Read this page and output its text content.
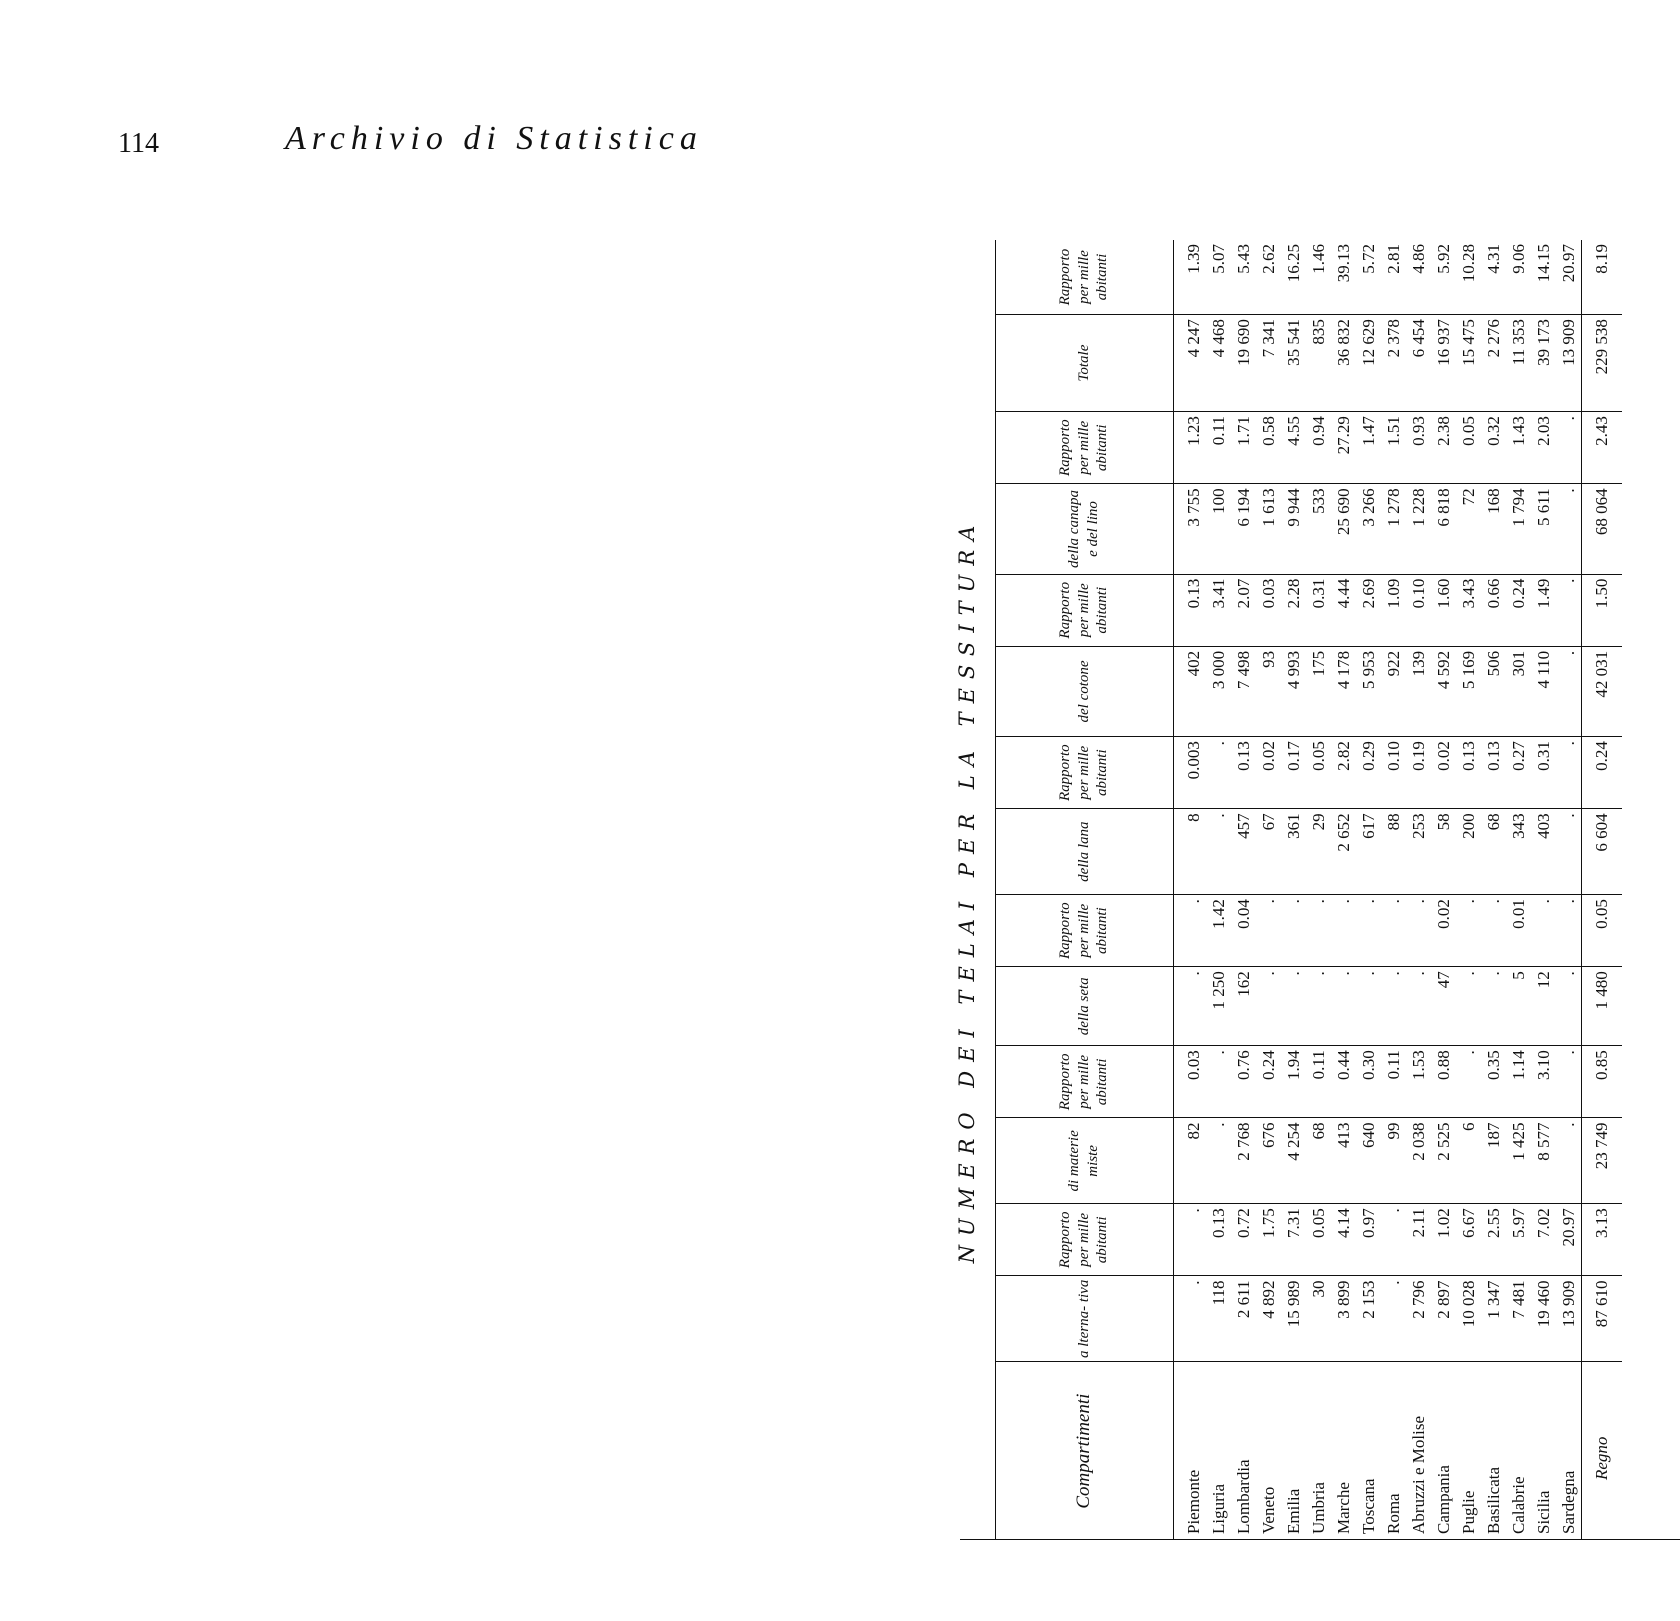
114	Archivio di Statistica
NUMERO DEI TELAI PER LA TESSITURA
Compartimenti	a lterna- tiva	Rapporto per mille abitanti	di materie miste	Rapporto per mille abitanti	della seta	Rapporto per mille abitanti	della lana	Rapporto per mille abitanti	del cotone	Rapporto per mille abitanti	della canapa e del lino	Rapporto per mille abitanti	Totale	Rapporto per mille abitanti
Piemonte	.	.	82	0.03	.	.	8	0.003	402	0.13	3 755	1.23	4 247	1.39
Liguria	118	0.13	.	.	1 250	1.42	.	.	3 000	3.41	100	0.11	4 468	5.07
Lombardia	2 611	0.72	2 768	0.76	162	0.04	457	0.13	7 498	2.07	6 194	1.71	19 690	5.43
Veneto	4 892	1.75	676	0.24	.	.	67	0.02	93	0.03	1 613	0.58	7 341	2.62
Emilia	15 989	7.31	4 254	1.94	.	.	361	0.17	4 993	2.28	9 944	4.55	35 541	16.25
Umbria	30	0.05	68	0.11	.	.	29	0.05	175	0.31	533	0.94	835	1.46
Marche	3 899	4.14	413	0.44	.	.	2 652	2.82	4 178	4.44	25 690	27.29	36 832	39.13
Toscana	2 153	0.97	640	0.30	.	.	617	0.29	5 953	2.69	3 266	1.47	12 629	5.72
Roma	.	.	99	0.11	.	.	88	0.10	922	1.09	1 278	1.51	2 378	2.81
Abruzzi e Molise	2 796	2.11	2 038	1.53	.	.	253	0.19	139	0.10	1 228	0.93	6 454	4.86
Campania	2 897	1.02	2 525	0.88	47	0.02	58	0.02	4 592	1.60	6 818	2.38	16 937	5.92
Puglie	10 028	6.67	6	.	.	.	200	0.13	5 169	3.43	72	0.05	15 475	10.28
Basilicata	1 347	2.55	187	0.35	.	.	68	0.13	506	0.66	168	0.32	2 276	4.31
Calabrie	7 481	5.97	1 425	1.14	5	0.01	343	0.27	301	0.24	1 794	1.43	11 353	9.06
Sicilia	19 460	7.02	8 577	3.10	12	.	403	0.31	4 110	1.49	5 611	2.03	39 173	14.15
Sardegna	13 909	20.97	.	.	.	.	.	.	.	.	.	.	13 909	20.97
Regno	87 610	3.13	23 749	0.85	1 480	0.05	6 604	0.24	42 031	1.50	68 064	2.43	229 538	8.19
